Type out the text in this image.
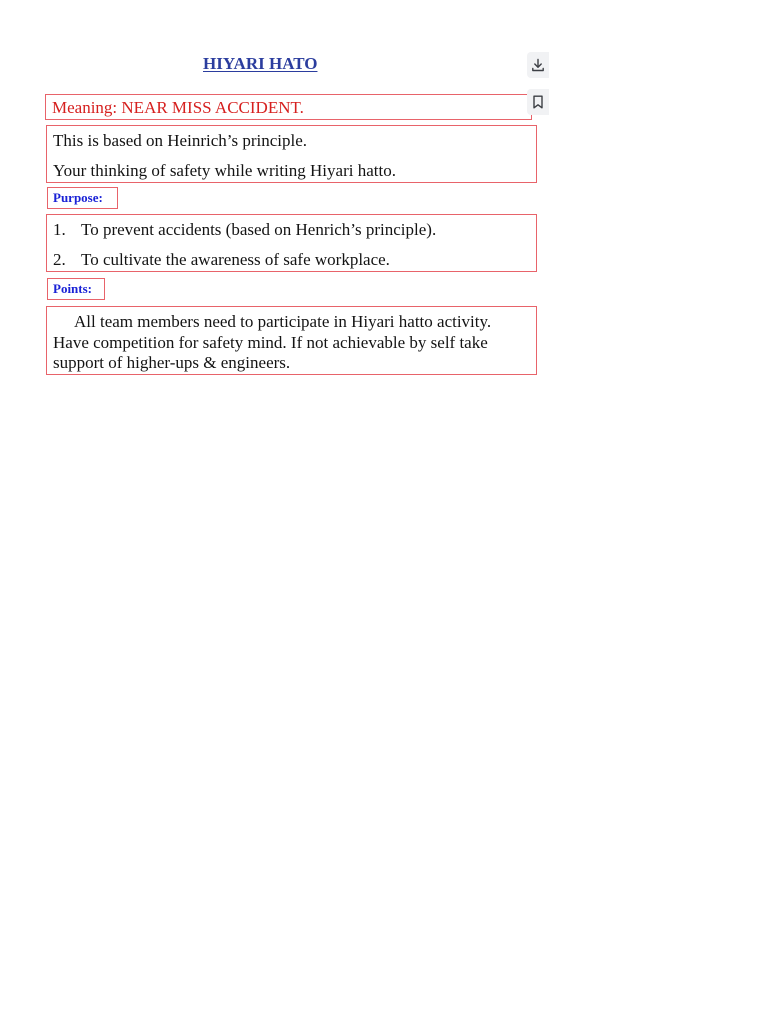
HIYARI HATO
Meaning: NEAR MISS ACCIDENT.

This is based on Heinrich’s principle.

Your thinking of safety while writing Hiyari hatto.

Purpose:
1. To prevent accidents (based on Henrich’s principle).
2. To cultivate the awareness of safe workplace.
Points:

All team members need to participate in Hiyari hatto activity. Have competition for safety mind. If not achievable by self take support of higher-ups & engineers.
